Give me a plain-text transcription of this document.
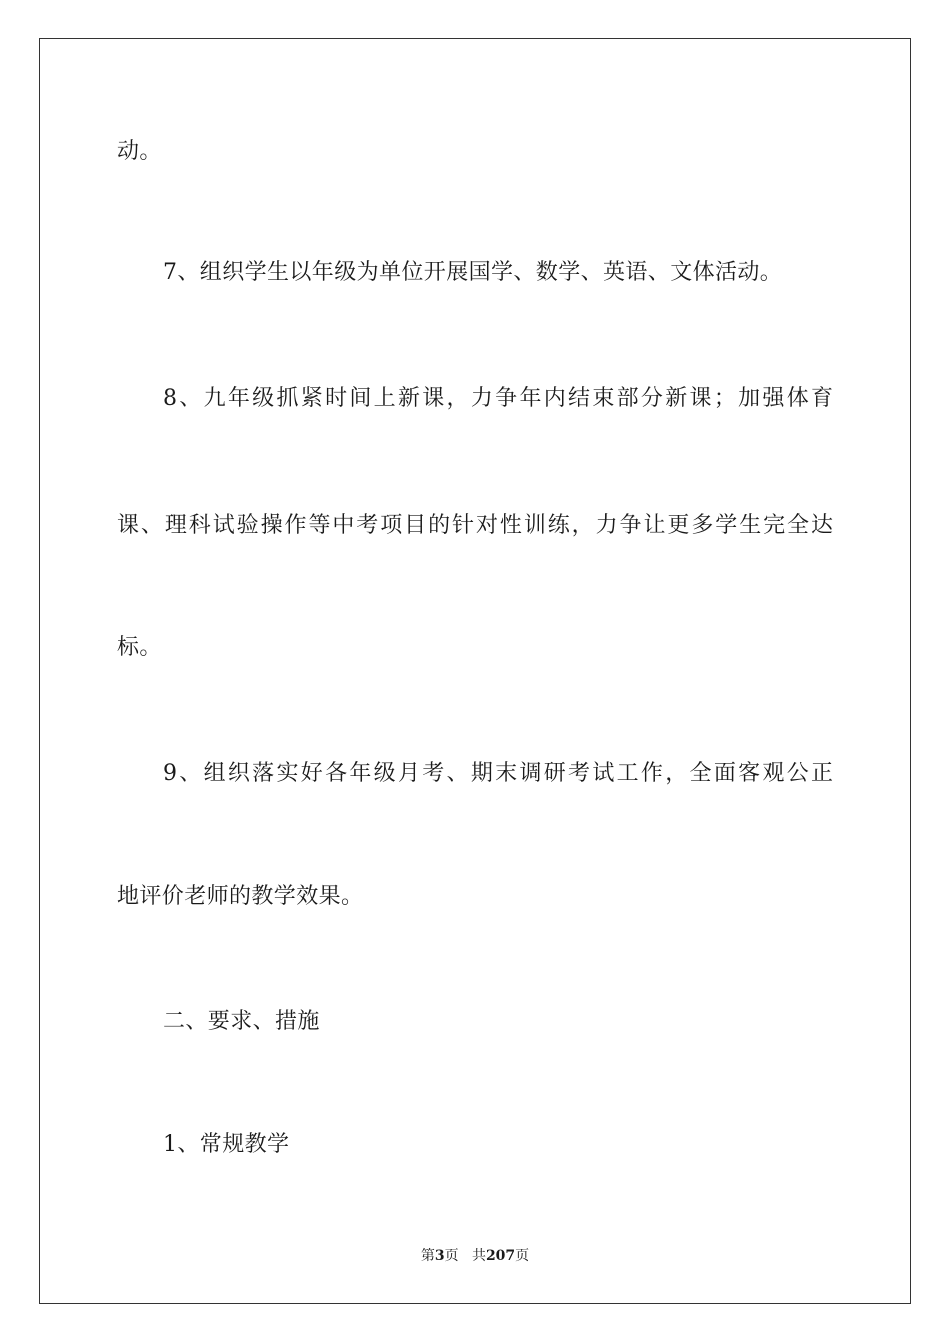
动。
7、组织学生以年级为单位开展国学、数学、英语、文体活动。
8、九年级抓紧时间上新课，力争年内结束部分新课；加强体育
课、理科试验操作等中考项目的针对性训练，力争让更多学生完全达
标。
9、组织落实好各年级月考、期末调研考试工作，全面客观公正
地评价老师的教学效果。
二、要求、措施
1、常规教学
第3页 共207页
